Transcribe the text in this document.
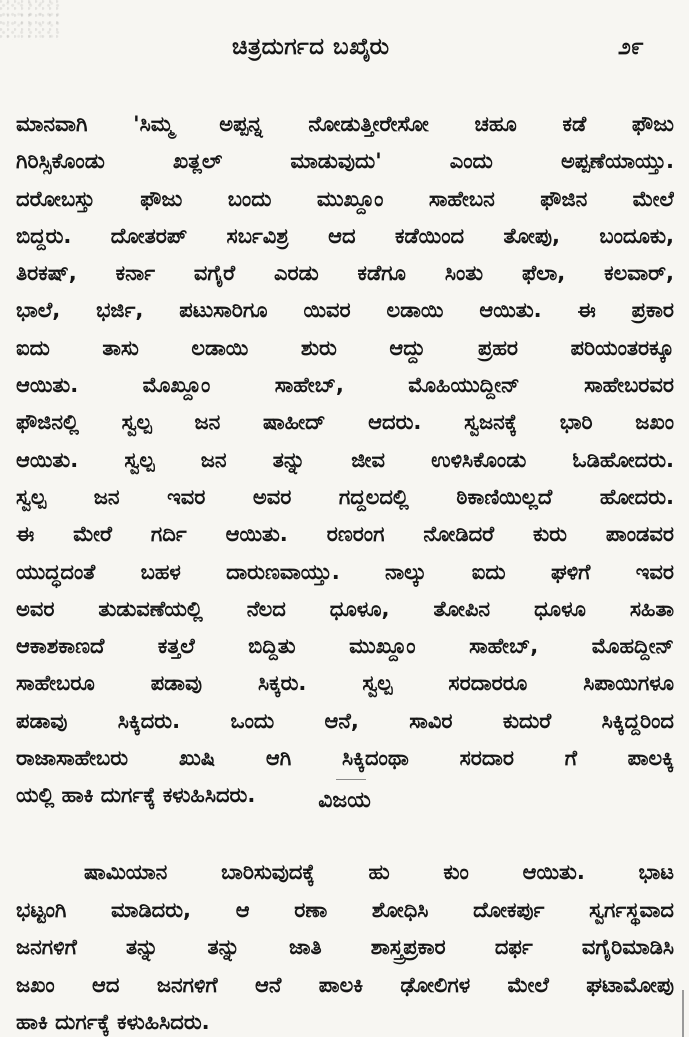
ಚಿತ್ರದುರ್ಗದ ಬಖೈರು	೨೯
ಮಾನವಾಗಿ 'ಸಿಮ್ಮ ಅಪ್ಪನ್ನ ನೋಡುತ್ತೀರೇಸೋ ಚಹೂ ಕಡೆ ಫೌಜು
ಗಿರಿಸ್ಸಿಕೊಂಡು ಖತ್ಲಲ್ ಮಾಡುವುದು' ಎಂದು ಅಪ್ಪಣೆಯಾಯ್ತು.
ದರೋಬಸ್ತು ಫೌಜು ಬಂದು ಮುಖ್ದೂಂ ಸಾಹೇಬನ ಫೌಜಿನ ಮೇಲೆ
ಬಿದ್ದರು. ದೋತರಪ್ ಸರ್ಬವಿಶ್ರ ಆದ ಕಡೆಯಿಂದ ತೋಪು, ಬಂದೂಕು,
ತಿರಕಷ್, ಕರ್ನಾ ವಗೈರೆ ಎರಡು ಕಡೆಗೂ ಸಿಂತು ಫೆಲಾ, ಕಲವಾರ್,
ಭಾಲೆ, ಭರ್ಜಿ, ಪಟುಸಾರಿಗೂ ಯಿವರ ಲಡಾಯಿ ಆಯಿತು. ಈ ಪ್ರಕಾರ
ಐದು ತಾಸು ಲಡಾಯಿ ಶುರು ಆದ್ದು ಪ್ರಹರ ಪರಿಯಂತರಕ್ಕೂ
ಆಯಿತು. ಮೊಖ್ದೂಂ ಸಾಹೇಬ್, ಮೊಹಿಯುದ್ದೀನ್ ಸಾಹೇಬರವರ
ಫೌಜಿನಲ್ಲಿ ಸ್ವಲ್ಪ ಜನ ಷಾಹೀದ್ ಆದರು. ಸ್ವಜನಕ್ಕೆ ಭಾರಿ ಜಖಂ
ಆಯಿತು. ಸ್ವಲ್ಪ ಜನ ತನ್ನು ಜೀವ ಉಳಿಸಿಕೊಂಡು ಓಡಿಹೋದರು.
ಸ್ವಲ್ಪ ಜನ ಇವರ ಅವರ ಗದ್ದಲದಲ್ಲಿ ಠಿಕಾಣಿಯಿಲ್ಲದೆ ಹೋದರು.
ಈ ಮೇರೆ ಗರ್ದಿ ಆಯಿತು. ರಣರಂಗ ನೋಡಿದರೆ ಕುರು ಪಾಂಡವರ
ಯುದ್ಧದಂತೆ ಬಹಳ ದಾರುಣವಾಯ್ತು. ನಾಲ್ಕು ಐದು ಘಳಿಗೆ ಇವರ
ಅವರ ತುಡುವಣೆಯಲ್ಲಿ ನೆಲದ ಧೂಳೂ, ತೋಪಿನ ಧೂಳೂ ಸಹಿತಾ
ಆಕಾಶಕಾಣದೆ ಕತ್ತಲೆ ಬಿದ್ದಿತು ಮುಖ್ದೂಂ ಸಾಹೇಬ್, ಮೊಹದ್ದೀನ್
ಸಾಹೇಬರೂ ಪಡಾವು ಸಿಕ್ಕರು. ಸ್ವಲ್ಪ ಸರದಾರರೂ ಸಿಪಾಯಿಗಳೂ
ಪಡಾವು ಸಿಕ್ಕಿದರು. ಒಂದು ಆನೆ, ಸಾವಿರ ಕುದುರೆ ಸಿಕ್ಕಿದ್ದರಿಂದ
ರಾಜಾಸಾಹೇಬರು ಖುಷಿ ಆಗಿ ಸಿಕ್ಕಿದಂಥಾ ಸರದಾರ ಗೆ ಪಾಲಕ್ಕಿ
ಯಲ್ಲಿ ಹಾಕಿ ದುರ್ಗಕ್ಕೆ ಕಳುಹಿಸಿದರು.	ವಿಜಯ
ಷಾಮಿಯಾನ ಬಾರಿಸುವುದಕ್ಕೆ ಹು ಕುಂ ಆಯಿತು. ಭಾಟ
ಭಟ್ಟಂಗಿ ಮಾಡಿದರು, ಆ ರಣಾ ಶೋಧಿಸಿ ದೋಕರ್ಪು ಸ್ವರ್ಗಸ್ಥವಾದ
ಜನಗಳಿಗೆ ತನ್ನು ತನ್ನು ಜಾತಿ ಶಾಸ್ತ್ರಪ್ರಕಾರ ದರ್ಫ ವಗೈರಿಮಾಡಿಸಿ
ಜಖಂ ಆದ ಜನಗಳಿಗೆ ಆನೆ ಪಾಲಕಿ ಢೋಲಿಗಳ ಮೇಲೆ ಘಟಾಮೋಪು
ಹಾಕಿ ದುರ್ಗಕ್ಕೆ ಕಳುಹಿಸಿದರು.
